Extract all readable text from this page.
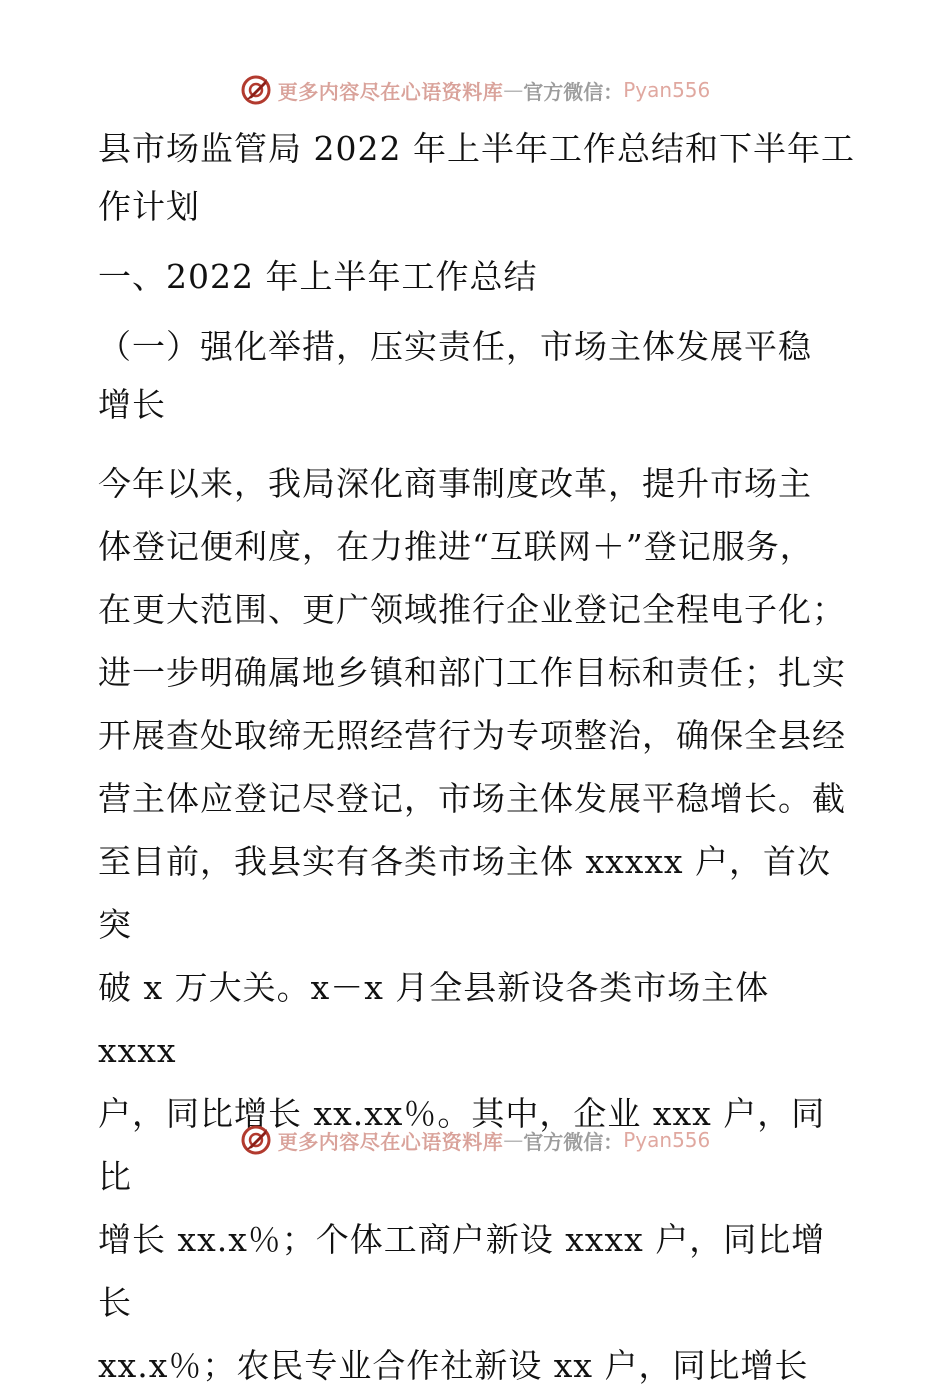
更多内容尽在心语资料库 — 官方微信： Pyan556
县市场监管局 2022 年上半年工作总结和下半年工
作计划
一、2022 年上半年工作总结
（一）强化举措，压实责任，市场主体发展平稳
增长

今年以来，我局深化商事制度改革，提升市场主

体登记便利度，在力推进“互联网＋”登记服务，

在更大范围、更广领域推行企业登记全程电子化；

进一步明确属地乡镇和部门工作目标和责任；扎实

开展查处取缔无照经营行为专项整治，确保全县经

营主体应登记尽登记，市场主体发展平稳增长。截

至目前，我县实有各类市场主体 xxxxx 户，首次突

破 x 万大关。x－x 月全县新设各类市场主体 xxxx

户，同比增长 xx.xx％。其中，企业 xxx 户，同比

增长 xx.x％；个体工商户新设 xxxx 户，同比增长

xx.x％；农民专业合作社新设 xx 户，同比增长

更多内容尽在心语资料库 — 官方微信： Pyan556
